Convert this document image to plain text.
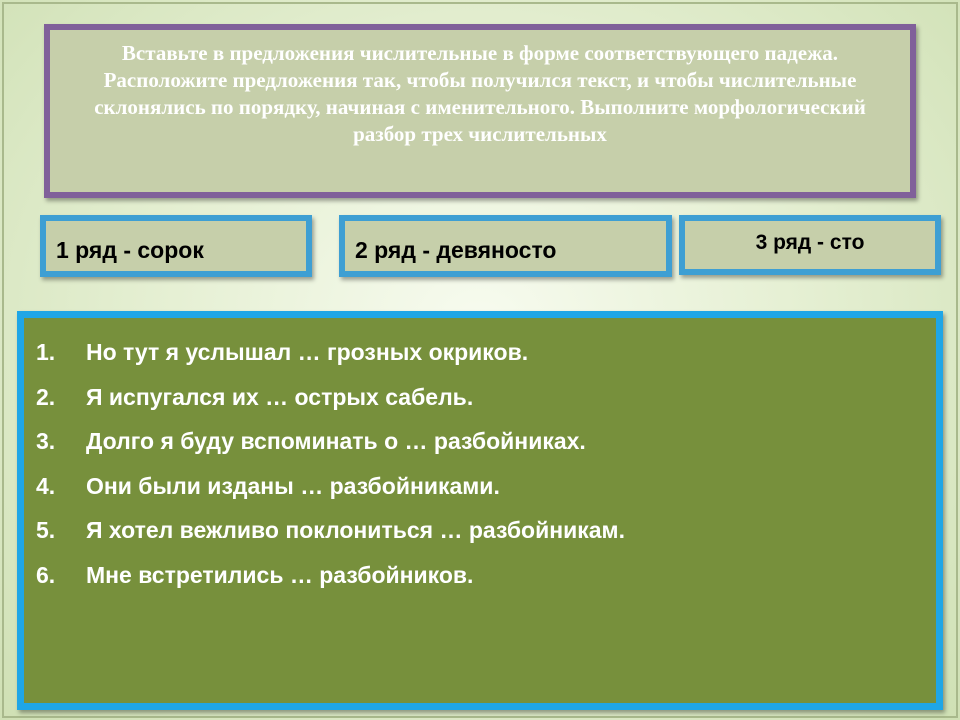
Вставьте в предложения числительные в форме соответствующего падежа. Расположите предложения так, чтобы получился текст, и чтобы числительные склонялись по порядку, начиная с именительного. Выполните морфологический разбор трех числительных

1 ряд - сорок	2 ряд - девяносто	3 ряд - сто
1.	Но тут я услышал … грозных окриков.
2.	Я испугался их … острых сабель.
3.	Долго я буду вспоминать о … разбойниках.
4.	Они были изданы … разбойниками.
5.	Я хотел вежливо поклониться … разбойникам.
6.	Мне встретились … разбойников.
